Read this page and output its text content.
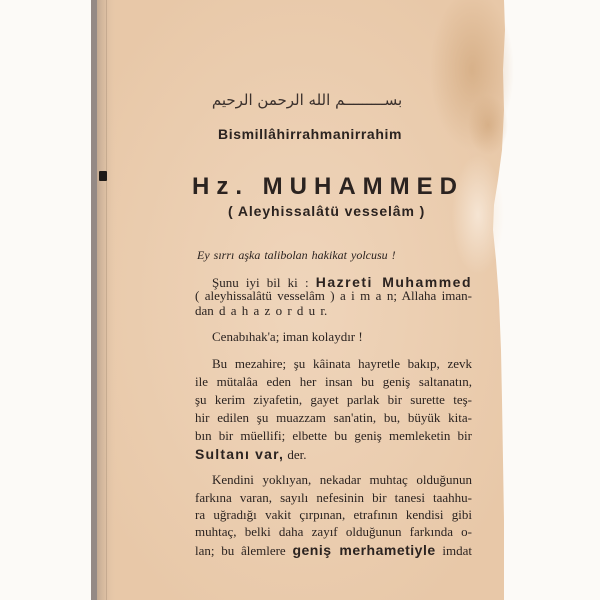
بســـــــــم الله الرحمن الرحيم
Bismillâhirrahmanirrahim
Hz. MUHAMMED
( Aleyhissalâtü vesselâm )
Ey sırrı aşka talibolan hakikat yolcusu !
Şunu iyi bil ki : Hazreti Muhammed
( aleyhissalâtü vesselâm ) a i m a n; Allaha iman-
dan d a h a z o r d u r.
Cenabıhak'a; iman kolaydır !
Bu mezahire; şu kâinata hayretle bakıp, zevk
ile mütalâa eden her insan bu geniş saltanatın,
şu kerim ziyafetin, gayet parlak bir surette teş-
hir edilen şu muazzam san'atin, bu, büyük kita-
bın bir müellifi; elbette bu geniş memleketin bir
Sultanı var, der.
Kendini yoklıyan, nekadar muhtaç olduğunun
farkına varan, sayılı nefesinin bir tanesi taahhu-
ra uğradığı vakit çırpınan, etrafının kendisi gibi
muhtaç, belki daha zayıf olduğunun farkında o-
lan; bu âlemlere geniş merhametiyle imdat
